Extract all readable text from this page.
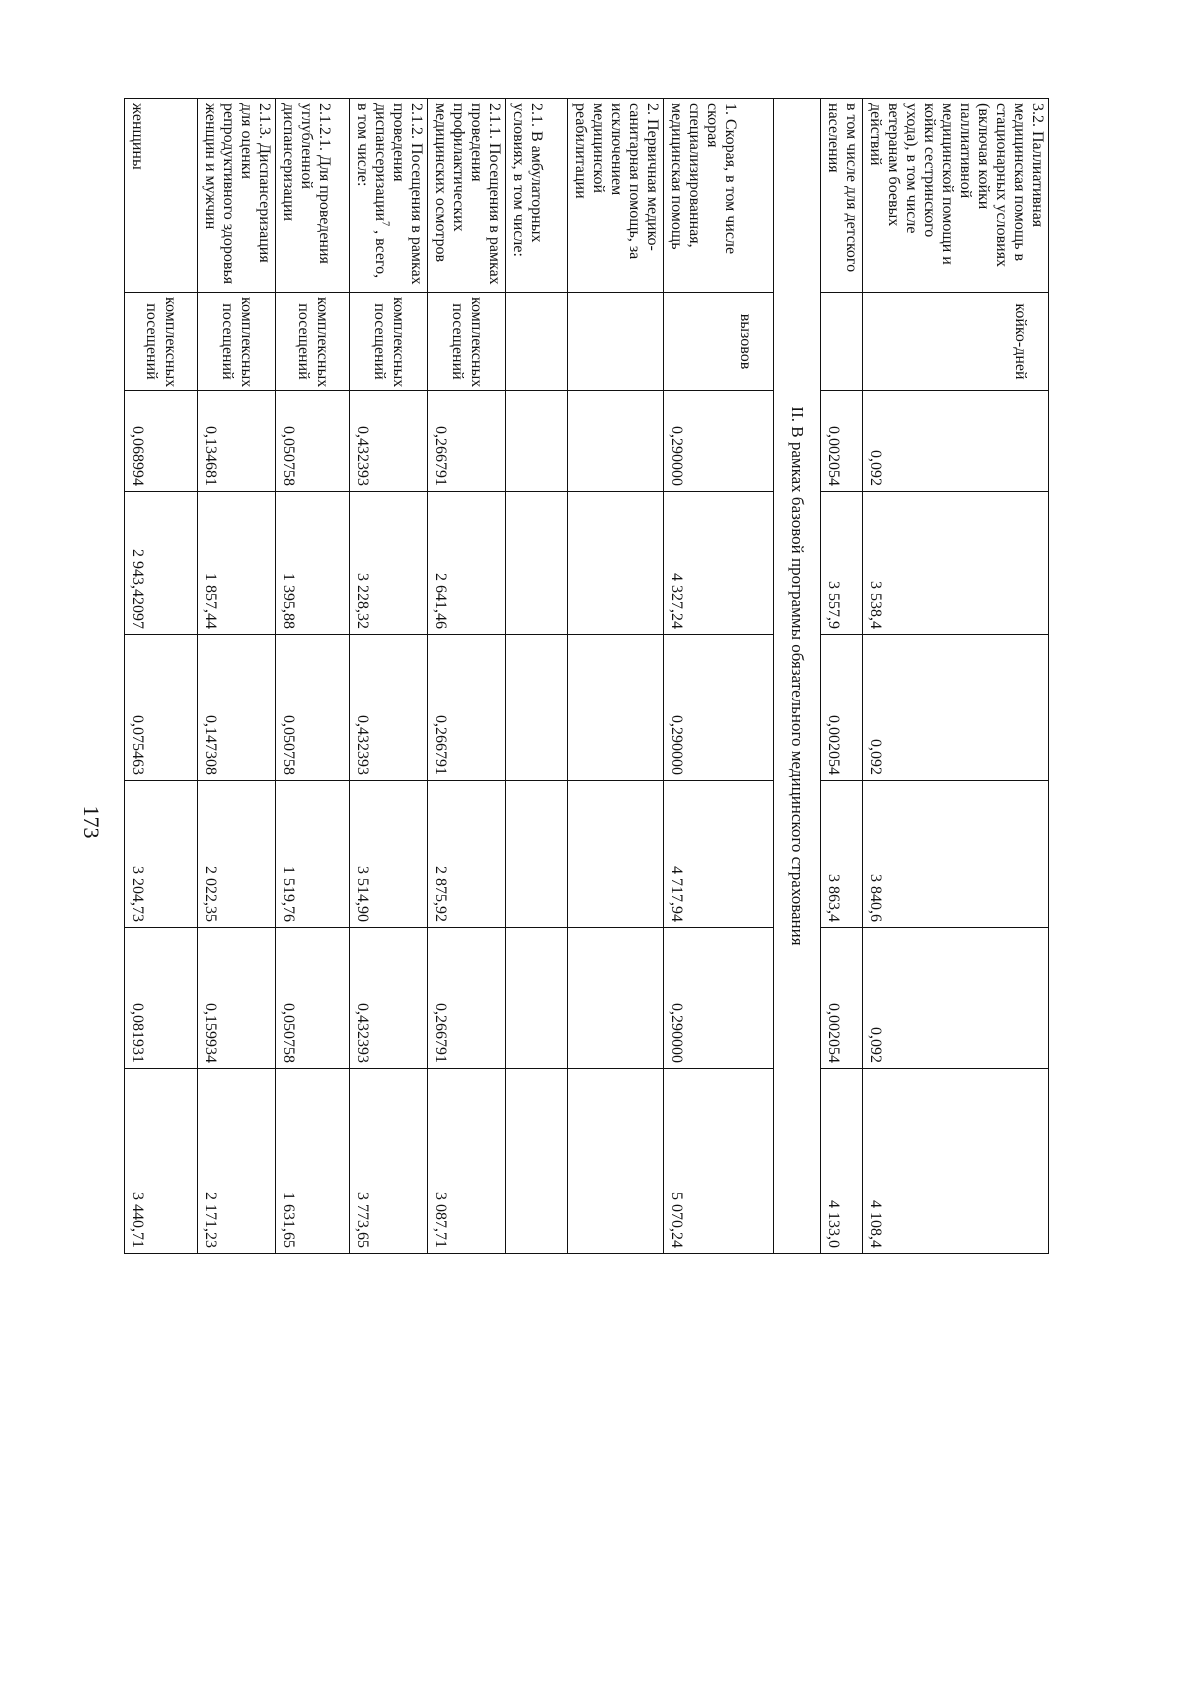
173
3.2. Паллиативная медицинская помощь в стационарных условиях (включая койки паллиативной медицинской помощи и койки сестринского ухода), в том числе ветеранам боевых действий	койко-дней	0,092	3 538,4	0,092	3 840,6	0,092	4 108,4
в том числе для детского населения		0,002054	3 557,9	0,002054	3 863,4	0,002054	4 133,0
II. В рамках базовой программы обязательного медицинского страхования							
1. Скорая, в том числе скорая специализированная, медицинская помощь	вызовов	0,290000	4 327,24	0,290000	4 717,94	0,290000	5 070,24
2. Первичная медико-санитарная помощь, за исключением медицинской реабилитации							
2.1. В амбулаторных условиях, в том числе:							
2.1.1. Посещения в рамках проведения профилактических медицинских осмотров	комплексных посещений	0,266791	2 641,46	0,266791	2 875,92	0,266791	3 087,71
2.1.2. Посещения в рамках проведения диспансеризации$^7$ , всего, в том числе:	комплексных посещений	0,432393	3 228,32	0,432393	3 514,90	0,432393	3 773,65
2.1.2.1. Для проведения углубленной диспансеризации	комплексных посещений	0,050758	1 395,88	0,050758	1 519,76	0,050758	1 631,65
2.1.3. Диспансеризация для оценки репродуктивного здоровья женщин и мужчин	комплексных посещений	0,134681	1 857,44	0,147308	2 022,35	0,159934	2 171,23
женщины	комплексных посещений	0,068994	2 943,42097	0,075463	3 204,73	0,081931	3 440,71
